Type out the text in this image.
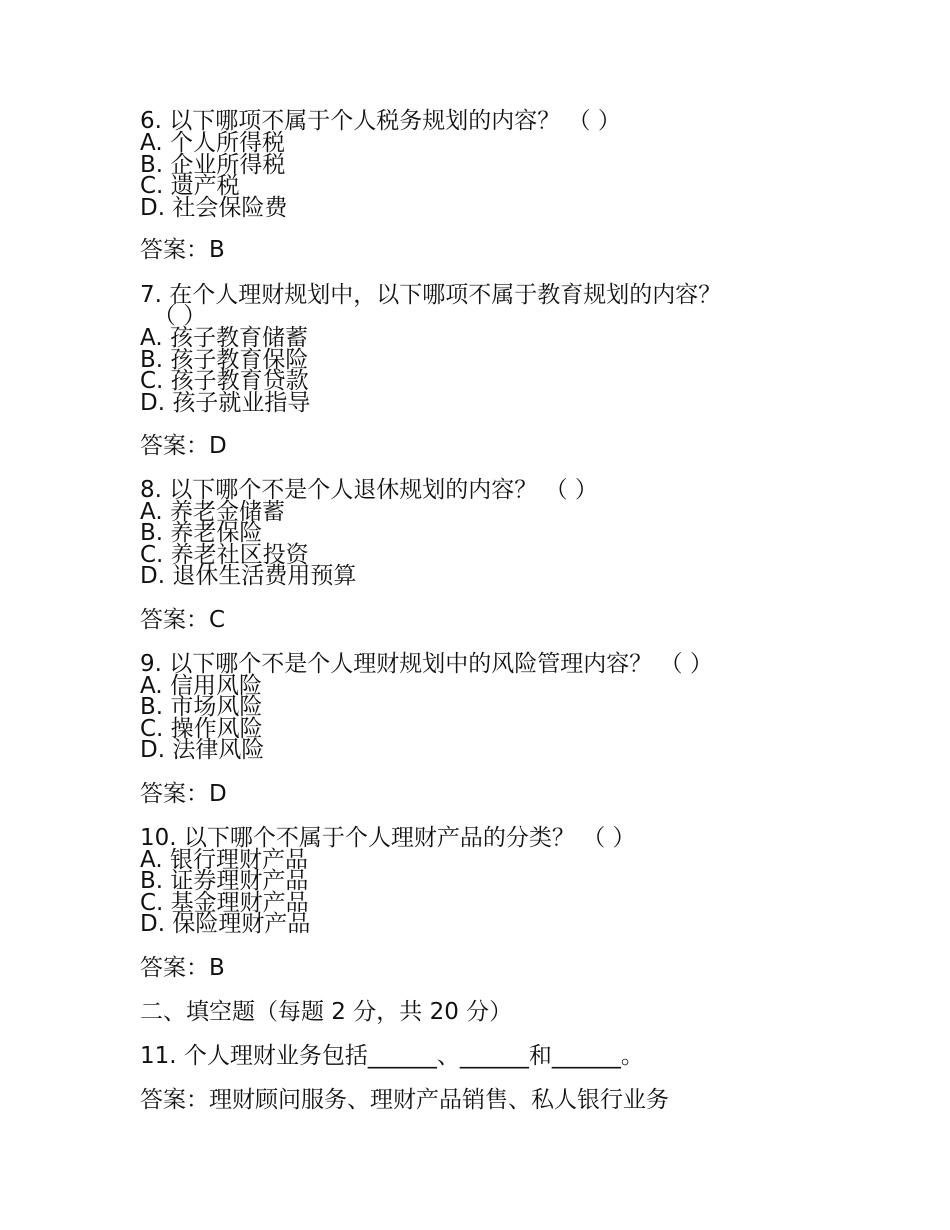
6. 以下哪项不属于个人税务规划的内容？ （ ）
A. 个人所得税
B. 企业所得税
C. 遗产税
D. 社会保险费
答案：B
7. 在个人理财规划中，以下哪项不属于教育规划的内容？
（ ）
A. 孩子教育储蓄
B. 孩子教育保险
C. 孩子教育贷款
D. 孩子就业指导
答案：D
8. 以下哪个不是个人退休规划的内容？ （ ）
A. 养老金储蓄
B. 养老保险
C. 养老社区投资
D. 退休生活费用预算
答案：C
9. 以下哪个不是个人理财规划中的风险管理内容？ （ ）
A. 信用风险
B. 市场风险
C. 操作风险
D. 法律风险
答案：D
10. 以下哪个不属于个人理财产品的分类？ （ ）
A. 银行理财产品
B. 证券理财产品
C. 基金理财产品
D. 保险理财产品
答案：B
二、填空题（每题 2 分，共 20 分）
11. 个人理财业务包括______、______和______。
答案：理财顾问服务、理财产品销售、私人银行业务
